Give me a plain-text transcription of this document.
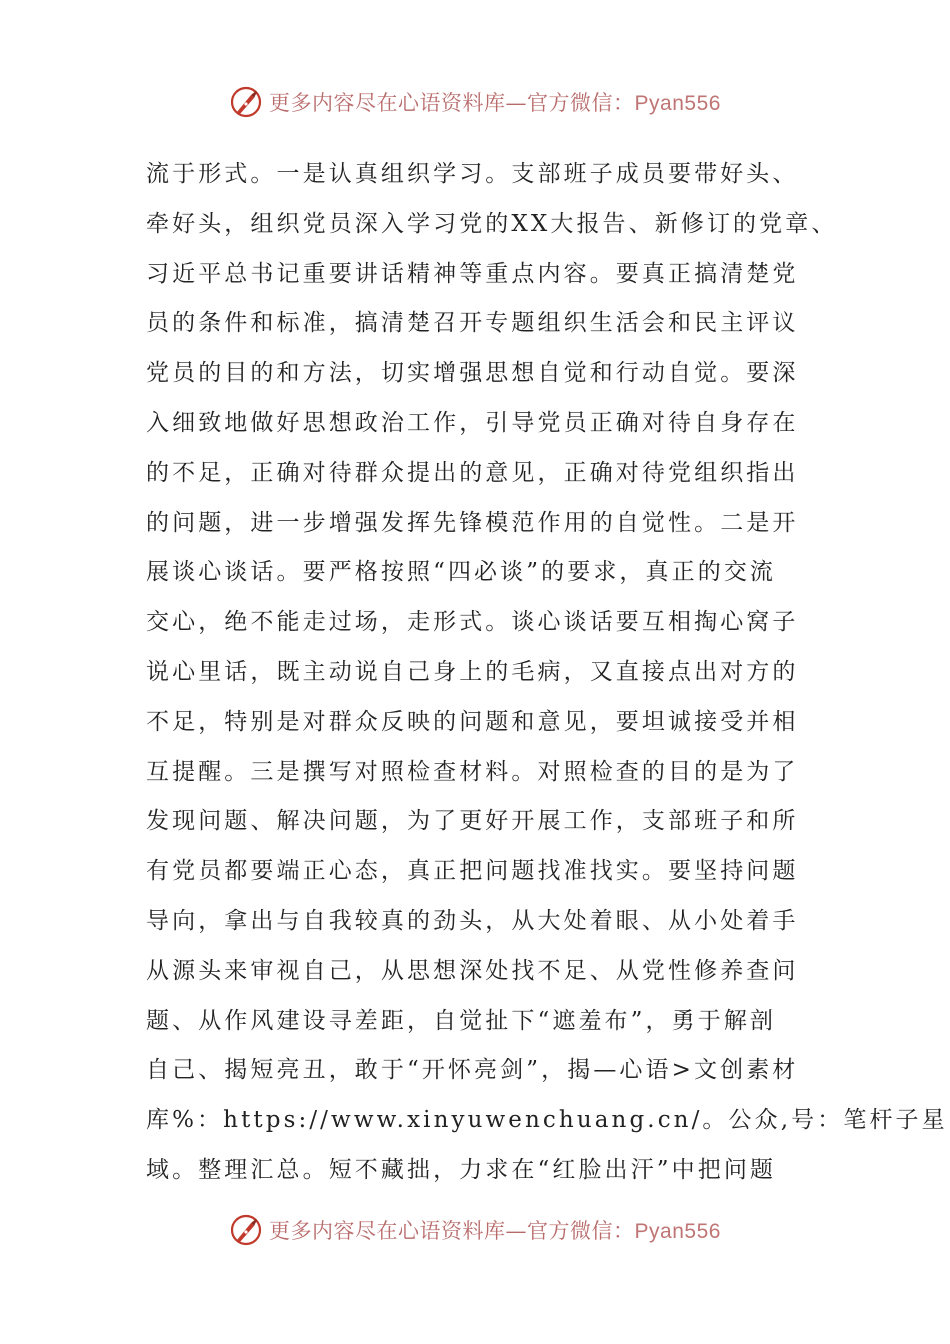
更多内容尽在心语资料库—官方微信：Pyan556
流于形式。一是认真组织学习。支部班子成员要带好头、
牵好头，组织党员深入学习党的XX大报告、新修订的党章、
习近平总书记重要讲话精神等重点内容。要真正搞清楚党
员的条件和标准，搞清楚召开专题组织生活会和民主评议
党员的目的和方法，切实增强思想自觉和行动自觉。要深
入细致地做好思想政治工作，引导党员正确对待自身存在
的不足，正确对待群众提出的意见，正确对待党组织指出
的问题，进一步增强发挥先锋模范作用的自觉性。二是开
展谈心谈话。要严格按照“四必谈”的要求，真正的交流
交心，绝不能走过场，走形式。谈心谈话要互相掏心窝子
说心里话，既主动说自己身上的毛病，又直接点出对方的
不足，特别是对群众反映的问题和意见，要坦诚接受并相
互提醒。三是撰写对照检查材料。对照检查的目的是为了
发现问题、解决问题，为了更好开展工作，支部班子和所
有党员都要端正心态，真正把问题找准找实。要坚持问题
导向，拿出与自我较真的劲头，从大处着眼、从小处着手
从源头来审视自己，从思想深处找不足、从党性修养查问
题、从作风建设寻差距，自觉扯下“遮羞布”，勇于解剖
自己、揭短亮丑，敢于“开怀亮剑”，揭—心语>文创素材
库%：https://www.xinyuwenchuang.cn/。公众,号：笔杆子星
域。整理汇总。短不藏拙，力求在“红脸出汗”中把问题
更多内容尽在心语资料库—官方微信：Pyan556
